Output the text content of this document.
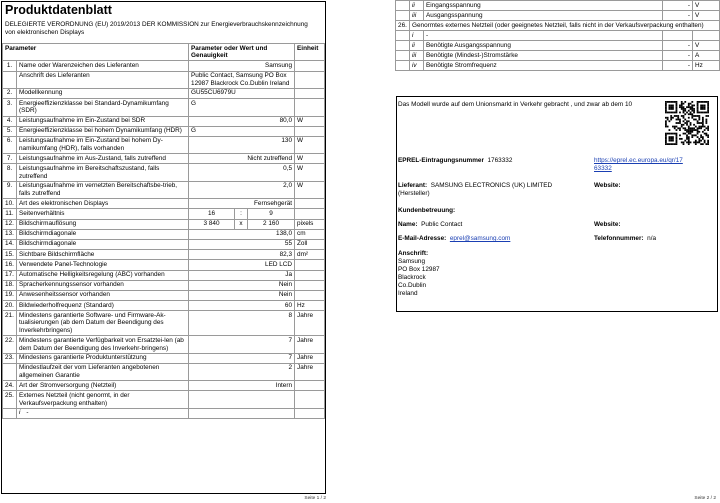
Produktdatenblatt
DELEGIERTE VERORDNUNG (EU) 2019/2013 DER KOMMISSION zur Energieverbrauchskennzeichnung von elektronischen Displays
Parameter		Parameter oder Wert und Genauigkeit			Einheit
1.	Name oder Warenzeichen des Lieferanten	Samsung			
	Anschrift des Lieferanten	Public Contact, Samsung PO Box 12987 Blackrock Co.Dublin Ireland			
2.	Modellkennung	GU55CU6979U			
3.	Energieeffizienzklasse bei Standard-Dynamikumfang (SDR)	G			
4.	Leistungsaufnahme im Ein-Zustand bei SDR	80,0			W
5.	Energieeffizienzklasse bei hohem Dynamikumfang (HDR)	G			
6.	Leistungsaufnahme im Ein-Zustand bei hohem Dy-namikumfang (HDR), falls vorhanden	130			W
7.	Leistungsaufnahme im Aus-Zustand, falls zutreffend	Nicht zutreffend			W
8.	Leistungsaufnahme im Bereitschaftszustand, falls zutreffend	0,5			W
9.	Leistungsaufnahme im vernetzten Bereitschaftsbe-trieb, falls zutreffend	2,0			W
10.	Art des elektronischen Displays	Fernsehgerät			
11.	Seitenverhältnis	16	:	9	
12.	Bildschirmauflösung	3 840	x	2 160	pixels
13.	Bildschirmdiagonale	138,0			cm
14.	Bildschirmdiagonale	55			Zoll
15.	Sichtbare Bildschirmfläche	82,3			dm²
16.	Verwendete Panel-Technologie	LED LCD			
17.	Automatische Helligkeitsregelung (ABC) vorhanden	Ja			
18.	Spracherkennungssensor vorhanden	Nein			
19.	Anwesenheitssensor vorhanden	Nein			
20.	Bildwiederholfrequenz (Standard)	60			Hz
21.	Mindestens garantierte Software- und Firmware-Ak-tualisierungen (ab dem Datum der Beendigung des Inverkehrbringens)	8			Jahre
22.	Mindestens garantierte Verfügbarkeit von Ersatztei-len (ab dem Datum der Beendigung des Inverkehr-bringens)	7			Jahre
23.	Mindestens garantierte Produktunterstützung	7			Jahre
	Mindestlaufzeit der vom Lieferanten angebotenen allgemeinen Garantie	2			Jahre
24.	Art der Stromversorgung (Netzteil)	Intern			
25.	Externes Netzteil (nicht genormt, in der Verkaufsverpackung enthalten)				
	i -				
Seite 1 / 2
	ii	Eingangsspannung	-	V
	iii	Ausgangsspannung	-	V
26.	Genormtes externes Netzteil (oder geeignetes Netzteil, falls nicht in der Verkaufsverpackung enthalten)			
	i	-		
	ii	Benötigte Ausgangsspannung	-	V
	iii	Benötigte (Mindest-)Stromstärke	-	A
	iv	Benötigte Stromfrequenz	-	Hz
Das Modell wurde auf dem Unionsmarkt in Verkehr gebracht , und zwar ab dem 10
EPREL-Eintragungsnummer 1763332	https://eprel.ec.europa.eu/qr/17
63332
Lieferant: SAMSUNG ELECTRONICS (UK) LIMITED (Hersteller)
Website:
Kundenbetreuung:
Name: Public Contact	Website:
E-Mail-Adresse: eprel@samsung.com	Telefonnummer: n/a
Anschrift:
Samsung
PO Box 12987
Blackrock
Co.Dublin
Ireland
Seite 2 / 2
